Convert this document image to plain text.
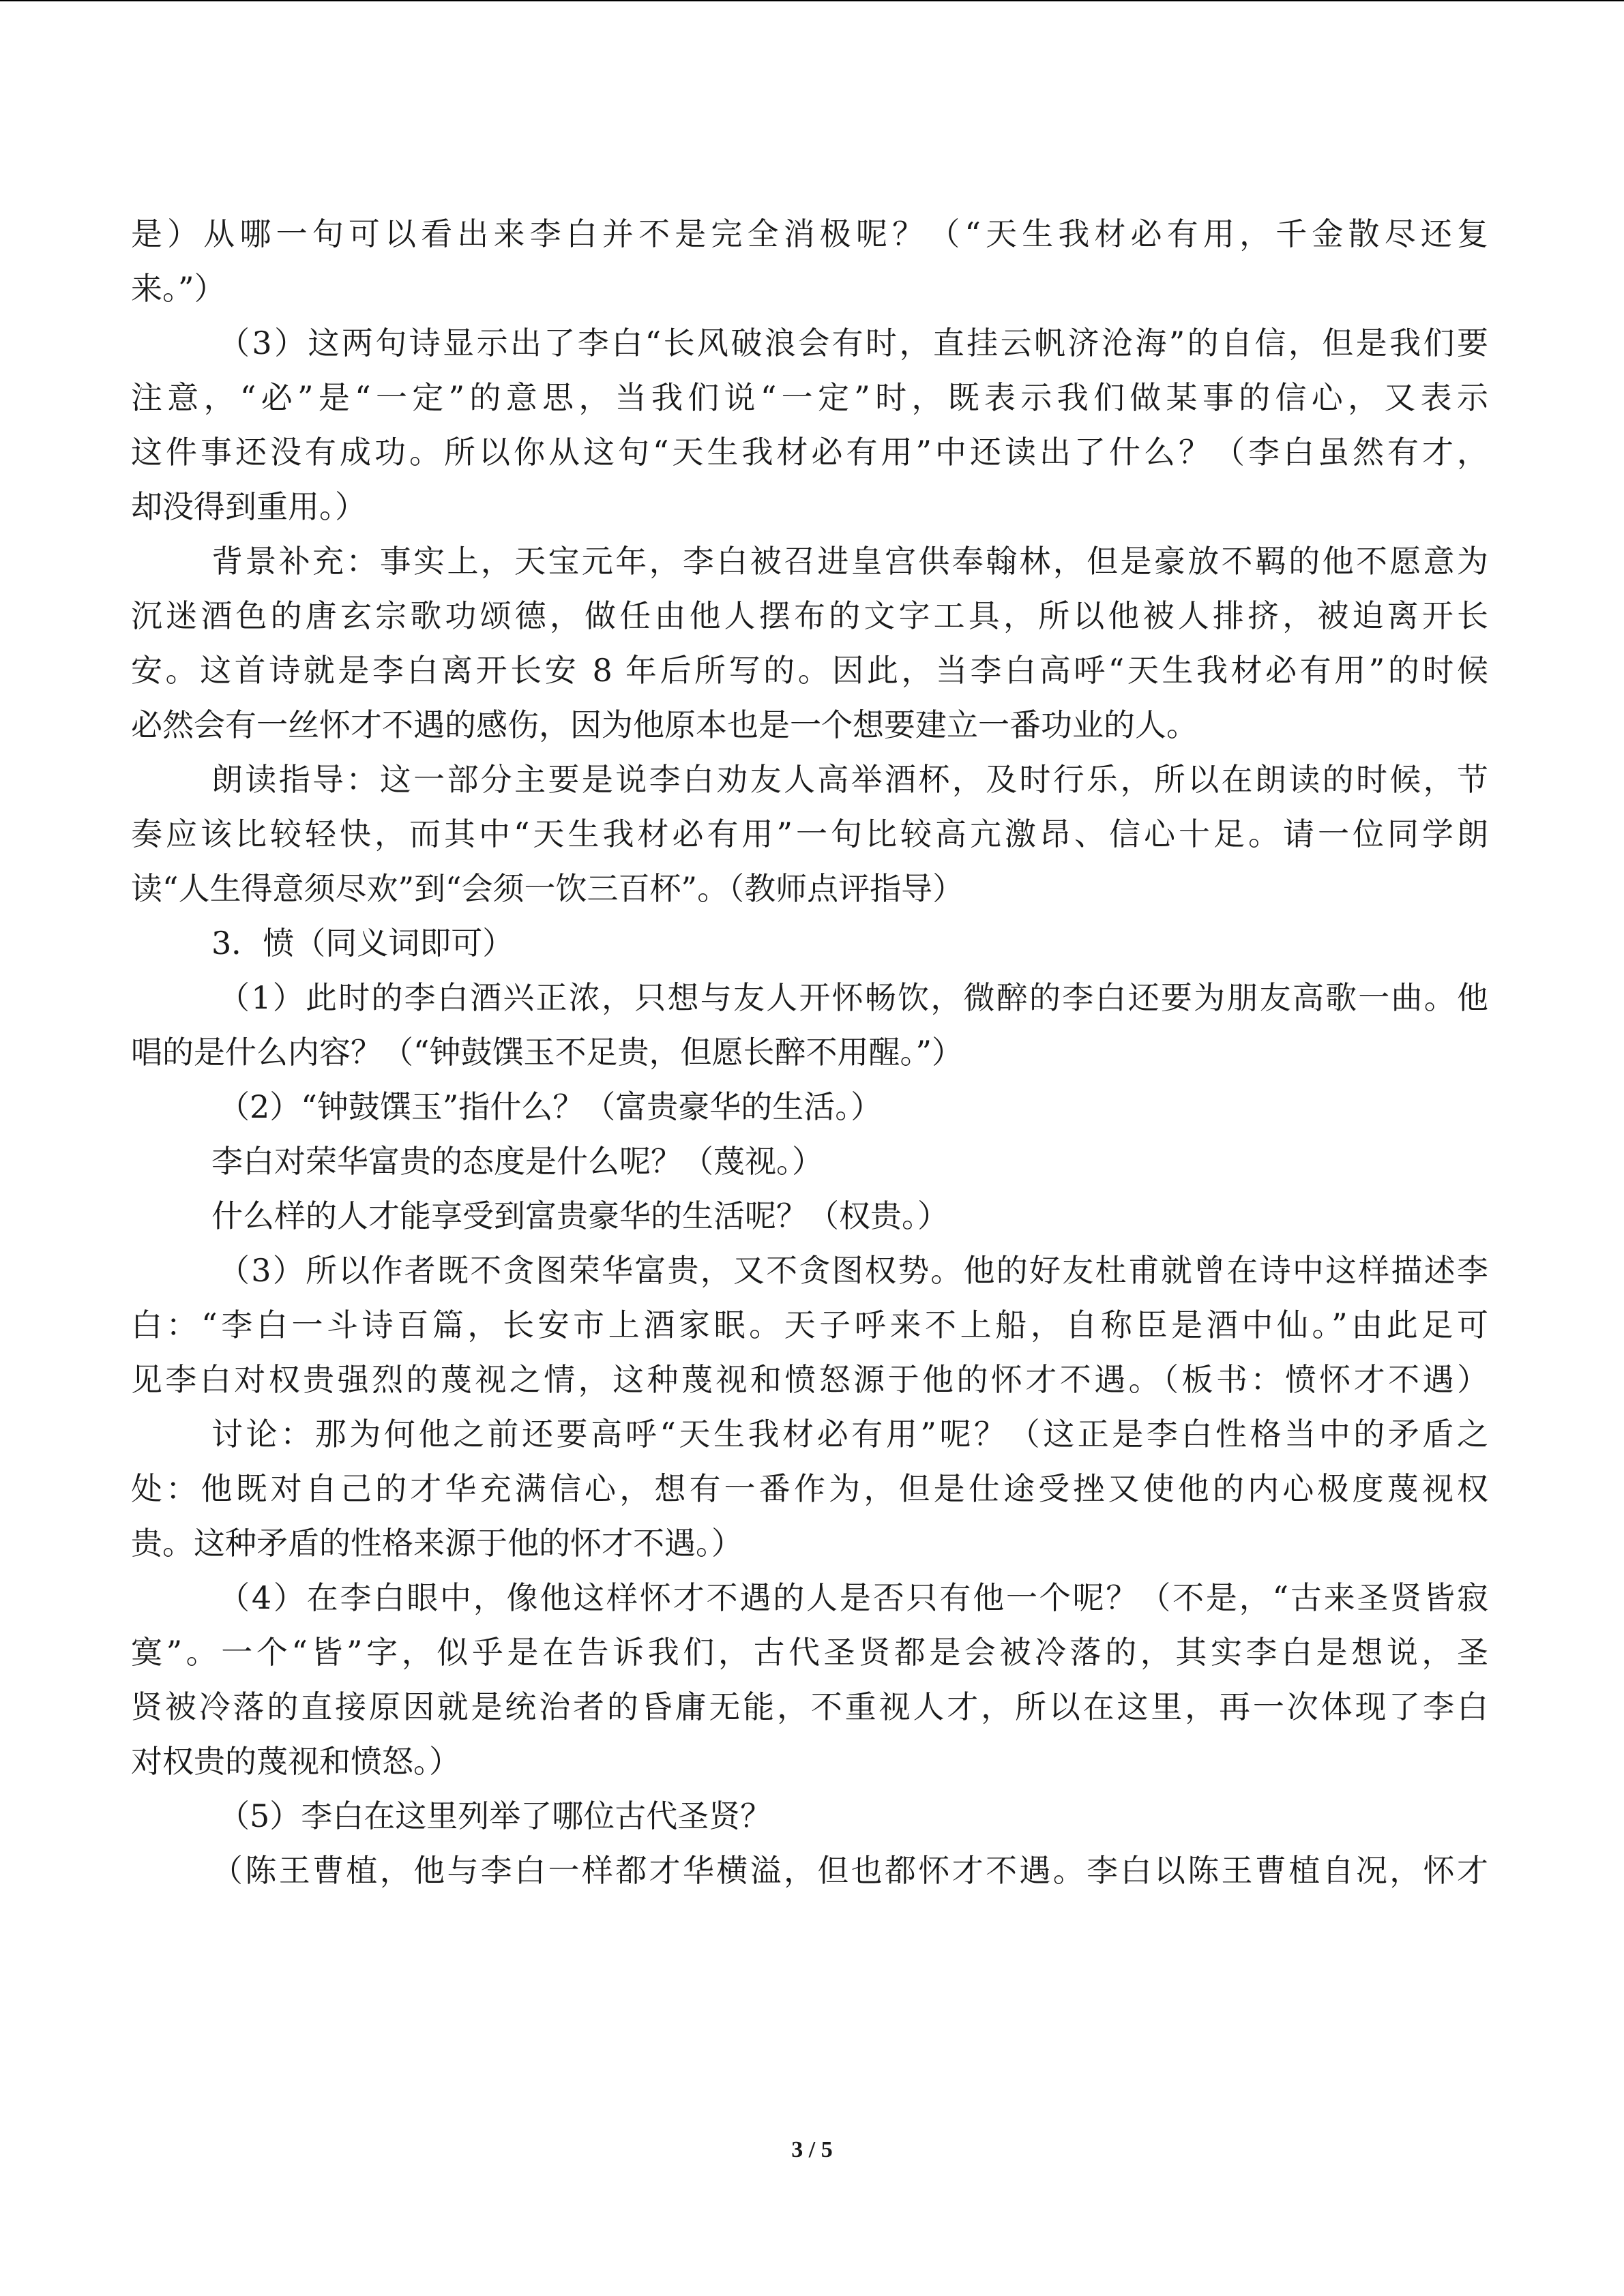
是）从哪一句可以看出来李白并不是完全消极呢？（“天生我材必有用，千金散尽还复
来。”）
（3）这两句诗显示出了李白“长风破浪会有时，直挂云帆济沧海”的自信，但是我们要
注意，“必”是“一定”的意思，当我们说“一定”时，既表示我们做某事的信心，又表示
这件事还没有成功。所以你从这句“天生我材必有用”中还读出了什么？（李白虽然有才，
却没得到重用。）
背景补充：事实上，天宝元年，李白被召进皇宫供奉翰林，但是豪放不羁的他不愿意为
沉迷酒色的唐玄宗歌功颂德，做任由他人摆布的文字工具，所以他被人排挤，被迫离开长
安。这首诗就是李白离开长安 8 年后所写的。因此，当李白高呼“天生我材必有用”的时候
必然会有一丝怀才不遇的感伤，因为他原本也是一个想要建立一番功业的人。
朗读指导：这一部分主要是说李白劝友人高举酒杯，及时行乐，所以在朗读的时候，节
奏应该比较轻快，而其中“天生我材必有用”一句比较高亢激昂、信心十足。请一位同学朗
读“人生得意须尽欢”到“会须一饮三百杯”。（教师点评指导）
3．愤（同义词即可）
（1）此时的李白酒兴正浓，只想与友人开怀畅饮，微醉的李白还要为朋友高歌一曲。他
唱的是什么内容？（“钟鼓馔玉不足贵，但愿长醉不用醒。”）
（2）“钟鼓馔玉”指什么？（富贵豪华的生活。）
李白对荣华富贵的态度是什么呢？（蔑视。）
什么样的人才能享受到富贵豪华的生活呢？（权贵。）
（3）所以作者既不贪图荣华富贵，又不贪图权势。他的好友杜甫就曾在诗中这样描述李
白：“李白一斗诗百篇，长安市上酒家眠。天子呼来不上船，自称臣是酒中仙。”由此足可
见李白对权贵强烈的蔑视之情，这种蔑视和愤怒源于他的怀才不遇。（板书：愤怀才不遇）
讨论：那为何他之前还要高呼“天生我材必有用”呢？（这正是李白性格当中的矛盾之
处：他既对自己的才华充满信心，想有一番作为，但是仕途受挫又使他的内心极度蔑视权
贵。这种矛盾的性格来源于他的怀才不遇。）
（4）在李白眼中，像他这样怀才不遇的人是否只有他一个呢？（不是，“古来圣贤皆寂
寞”。一个“皆”字，似乎是在告诉我们，古代圣贤都是会被冷落的，其实李白是想说，圣
贤被冷落的直接原因就是统治者的昏庸无能，不重视人才，所以在这里，再一次体现了李白
对权贵的蔑视和愤怒。）
（5）李白在这里列举了哪位古代圣贤？
（陈王曹植，他与李白一样都才华横溢，但也都怀才不遇。李白以陈王曹植自况，怀才
3 / 5
